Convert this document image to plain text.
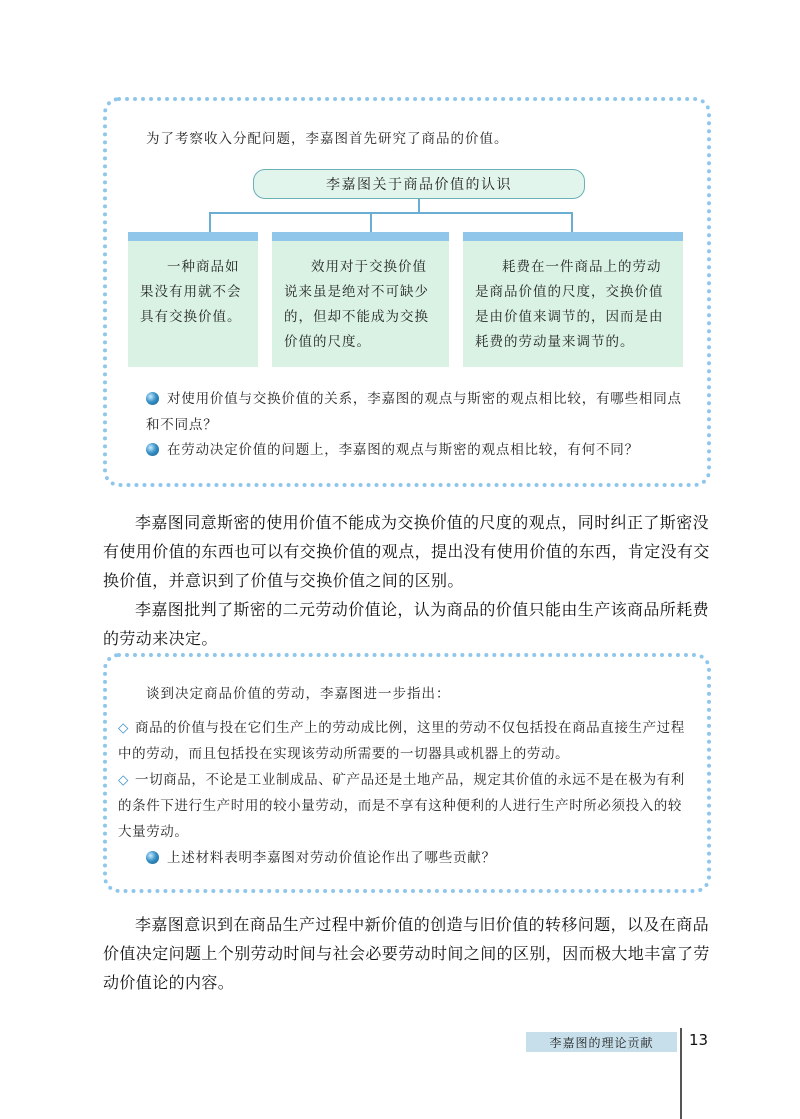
为了考察收入分配问题，李嘉图首先研究了商品的价值。
李嘉图关于商品价值的认识

一种商品如果没有用就不会具有交换价值。

效用对于交换价值说来虽是绝对不可缺少的，但却不能成为交换价值的尺度。

耗费在一件商品上的劳动是商品价值的尺度，交换价值是由价值来调节的，因而是由耗费的劳动量来调节的。

对使用价值与交换价值的关系，李嘉图的观点与斯密的观点相比较，有哪些相同点和不同点？
在劳动决定价值的问题上，李嘉图的观点与斯密的观点相比较，有何不同？

李嘉图同意斯密的使用价值不能成为交换价值的尺度的观点，同时纠正了斯密没有使用价值的东西也可以有交换价值的观点，提出没有使用价值的东西，肯定没有交换价值，并意识到了价值与交换价值之间的区别。

李嘉图批判了斯密的二元劳动价值论，认为商品的价值只能由生产该商品所耗费的劳动来决定。

谈到决定商品价值的劳动，李嘉图进一步指出：
◇ 商品的价值与投在它们生产上的劳动成比例，这里的劳动不仅包括投在商品直接生产过程中的劳动，而且包括投在实现该劳动所需要的一切器具或机器上的劳动。
◇ 一切商品，不论是工业制成品、矿产品还是土地产品，规定其价值的永远不是在极为有利的条件下进行生产时用的较小量劳动，而是不享有这种便利的人进行生产时所必须投入的较大量劳动。
上述材料表明李嘉图对劳动价值论作出了哪些贡献？

李嘉图意识到在商品生产过程中新价值的创造与旧价值的转移问题，以及在商品价值决定问题上个别劳动时间与社会必要劳动时间之间的区别，因而极大地丰富了劳动价值论的内容。

李嘉图的理论贡献	13
